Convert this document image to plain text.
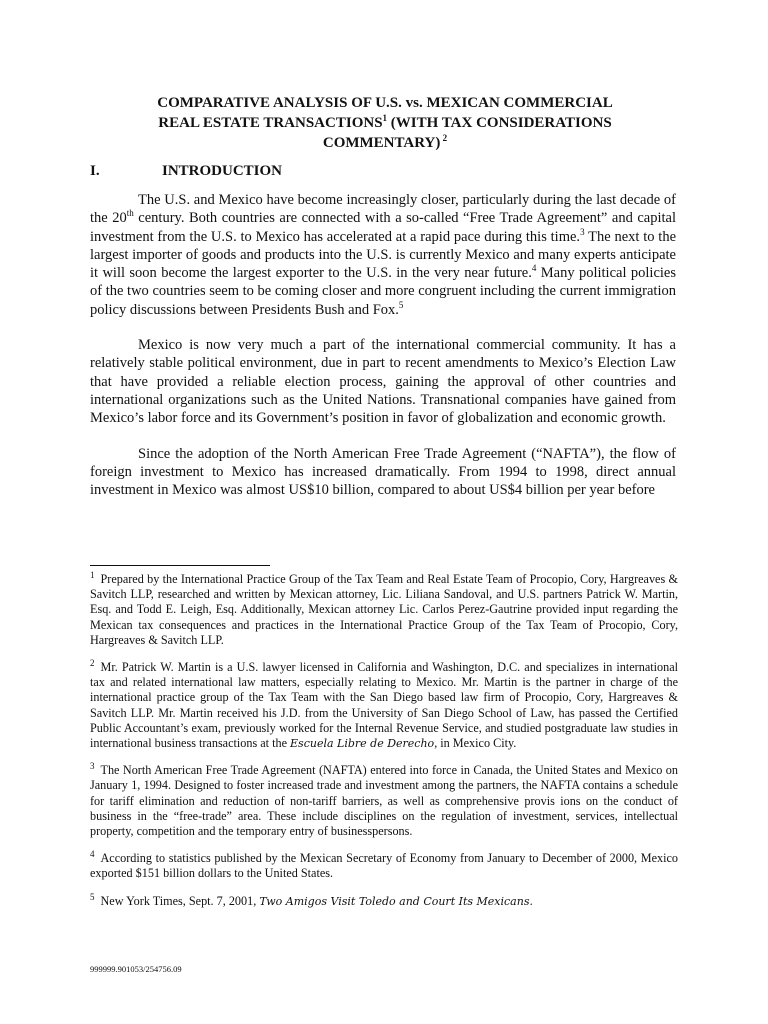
COMPARATIVE ANALYSIS OF U.S. vs. MEXICAN COMMERCIAL
REAL ESTATE TRANSACTIONS$^1$ (WITH TAX CONSIDERATIONS
COMMENTARY) $^2$
I.	INTRODUCTION

The U.S. and Mexico have become increasingly closer, particularly during the last decade of the 20th century. Both countries are connected with a so-called “Free Trade Agreement” and capital investment from the U.S. to Mexico has accelerated at a rapid pace during this time.$^3$ The next to the largest importer of goods and products into the U.S. is currently Mexico and many experts anticipate it will soon become the largest exporter to the U.S. in the very near future.$^4$ Many political policies of the two countries seem to be coming closer and more congruent including the current immigration policy discussions between Presidents Bush and Fox.$^5$

Mexico is now very much a part of the international commercial community. It has a relatively stable political environment, due in part to recent amendments to Mexico’s Election Law that have provided a reliable election process, gaining the approval of other countries and international organizations such as the United Nations. Transnational companies have gained from Mexico’s labor force and its Government’s position in favor of globalization and economic growth.

Since the adoption of the North American Free Trade Agreement (“NAFTA”), the flow of foreign investment to Mexico has increased dramatically. From 1994 to 1998, direct annual investment in Mexico was almost US$10 billion, compared to about US$4 billion per year before

$^1$ Prepared by the International Practice Group of the Tax Team and Real Estate Team of Procopio, Cory, Hargreaves & Savitch LLP, researched and written by Mexican attorney, Lic. Liliana Sandoval, and U.S. partners Patrick W. Martin, Esq. and Todd E. Leigh, Esq. Additionally, Mexican attorney Lic. Carlos Perez-Gautrine provided input regarding the Mexican tax consequences and practices in the International Practice Group of the Tax Team of Procopio, Cory, Hargreaves & Savitch LLP.

$^2$ Mr. Patrick W. Martin is a U.S. lawyer licensed in California and Washington, D.C. and specializes in international tax and related international law matters, especially relating to Mexico. Mr. Martin is the partner in charge of the international practice group of the Tax Team with the San Diego based law firm of Procopio, Cory, Hargreaves & Savitch LLP. Mr. Martin received his J.D. from the University of San Diego School of Law, has passed the Certified Public Accountant’s exam, previously worked for the Internal Revenue Service, and studied postgraduate law studies in international business transactions at the Escuela Libre de Derecho, in Mexico City.

$^3$ The North American Free Trade Agreement (NAFTA) entered into force in Canada, the United States and Mexico on January 1, 1994. Designed to foster increased trade and investment among the partners, the NAFTA contains a schedule for tariff elimination and reduction of non-tariff barriers, as well as comprehensive provis ions on the conduct of business in the “free-trade” area. These include disciplines on the regulation of investment, services, intellectual property, competition and the temporary entry of businesspersons.

$^4$ According to statistics published by the Mexican Secretary of Economy from January to December of 2000, Mexico exported $151 billion dollars to the United States.

$^5$ New York Times, Sept. 7, 2001, Two Amigos Visit Toledo and Court Its Mexicans.

999999.901053/254756.09
